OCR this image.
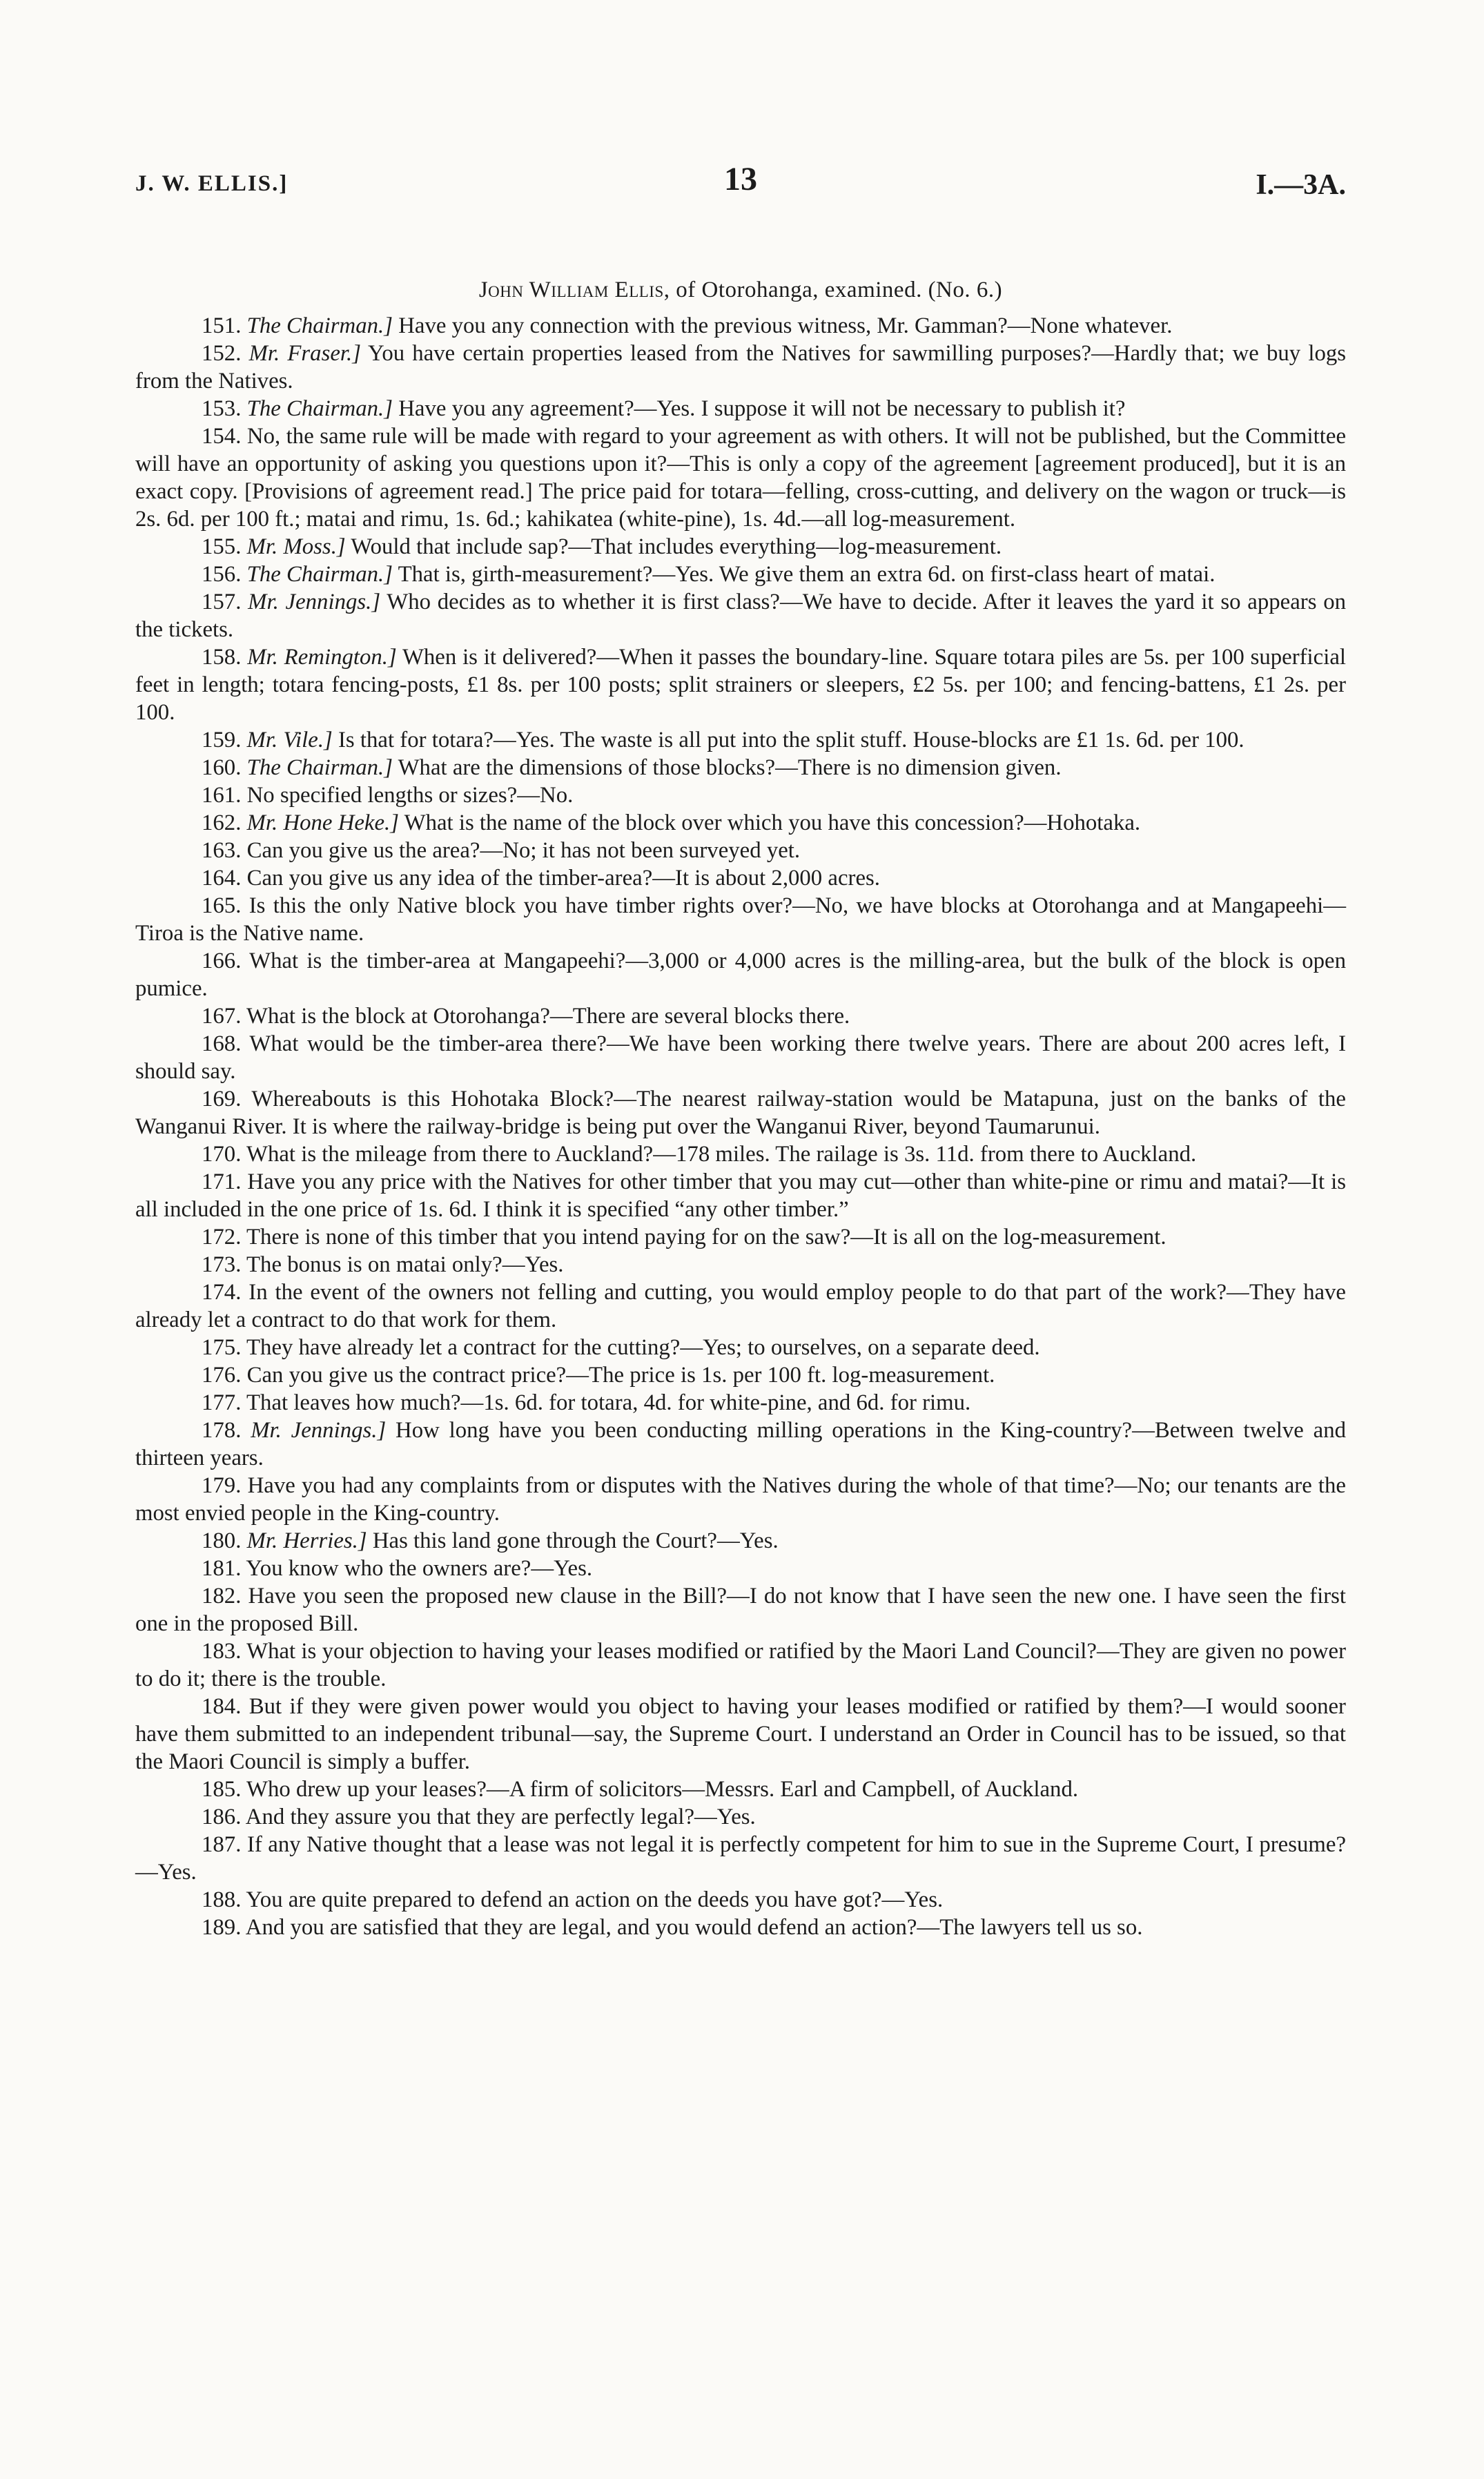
J. W. ELLIS.]	13	I.—3A.
John William Ellis, of Otorohanga, examined. (No. 6.)

151. The Chairman.] Have you any connection with the previous witness, Mr. Gamman?—None whatever.

152. Mr. Fraser.] You have certain properties leased from the Natives for sawmilling purposes?—Hardly that; we buy logs from the Natives.

153. The Chairman.] Have you any agreement?—Yes. I suppose it will not be necessary to publish it?

154. No, the same rule will be made with regard to your agreement as with others. It will not be published, but the Committee will have an opportunity of asking you questions upon it?—This is only a copy of the agreement [agreement produced], but it is an exact copy. [Provisions of agreement read.] The price paid for totara—felling, cross-cutting, and delivery on the wagon or truck—is 2s. 6d. per 100 ft.; matai and rimu, 1s. 6d.; kahikatea (white-pine), 1s. 4d.—all log-measurement.

155. Mr. Moss.] Would that include sap?—That includes everything—log-measurement.

156. The Chairman.] That is, girth-measurement?—Yes. We give them an extra 6d. on first-class heart of matai.

157. Mr. Jennings.] Who decides as to whether it is first class?—We have to decide. After it leaves the yard it so appears on the tickets.

158. Mr. Remington.] When is it delivered?—When it passes the boundary-line. Square totara piles are 5s. per 100 superficial feet in length; totara fencing-posts, £1 8s. per 100 posts; split strainers or sleepers, £2 5s. per 100; and fencing-battens, £1 2s. per 100.

159. Mr. Vile.] Is that for totara?—Yes. The waste is all put into the split stuff. House-blocks are £1 1s. 6d. per 100.

160. The Chairman.] What are the dimensions of those blocks?—There is no dimension given.

161. No specified lengths or sizes?—No.

162. Mr. Hone Heke.] What is the name of the block over which you have this concession?—Hohotaka.

163. Can you give us the area?—No; it has not been surveyed yet.

164. Can you give us any idea of the timber-area?—It is about 2,000 acres.

165. Is this the only Native block you have timber rights over?—No, we have blocks at Otorohanga and at Mangapeehi—Tiroa is the Native name.

166. What is the timber-area at Mangapeehi?—3,000 or 4,000 acres is the milling-area, but the bulk of the block is open pumice.

167. What is the block at Otorohanga?—There are several blocks there.

168. What would be the timber-area there?—We have been working there twelve years. There are about 200 acres left, I should say.

169. Whereabouts is this Hohotaka Block?—The nearest railway-station would be Matapuna, just on the banks of the Wanganui River. It is where the railway-bridge is being put over the Wanganui River, beyond Taumarunui.

170. What is the mileage from there to Auckland?—178 miles. The railage is 3s. 11d. from there to Auckland.

171. Have you any price with the Natives for other timber that you may cut—other than white-pine or rimu and matai?—It is all included in the one price of 1s. 6d. I think it is specified “any other timber.”

172. There is none of this timber that you intend paying for on the saw?—It is all on the log-measurement.

173. The bonus is on matai only?—Yes.

174. In the event of the owners not felling and cutting, you would employ people to do that part of the work?—They have already let a contract to do that work for them.

175. They have already let a contract for the cutting?—Yes; to ourselves, on a separate deed.

176. Can you give us the contract price?—The price is 1s. per 100 ft. log-measurement.

177. That leaves how much?—1s. 6d. for totara, 4d. for white-pine, and 6d. for rimu.

178. Mr. Jennings.] How long have you been conducting milling operations in the King-country?—Between twelve and thirteen years.

179. Have you had any complaints from or disputes with the Natives during the whole of that time?—No; our tenants are the most envied people in the King-country.

180. Mr. Herries.] Has this land gone through the Court?—Yes.

181. You know who the owners are?—Yes.

182. Have you seen the proposed new clause in the Bill?—I do not know that I have seen the new one. I have seen the first one in the proposed Bill.

183. What is your objection to having your leases modified or ratified by the Maori Land Council?—They are given no power to do it; there is the trouble.

184. But if they were given power would you object to having your leases modified or ratified by them?—I would sooner have them submitted to an independent tribunal—say, the Supreme Court. I understand an Order in Council has to be issued, so that the Maori Council is simply a buffer.

185. Who drew up your leases?—A firm of solicitors—Messrs. Earl and Campbell, of Auckland.

186. And they assure you that they are perfectly legal?—Yes.

187. If any Native thought that a lease was not legal it is perfectly competent for him to sue in the Supreme Court, I presume?—Yes.

188. You are quite prepared to defend an action on the deeds you have got?—Yes.

189. And you are satisfied that they are legal, and you would defend an action?—The lawyers tell us so.
